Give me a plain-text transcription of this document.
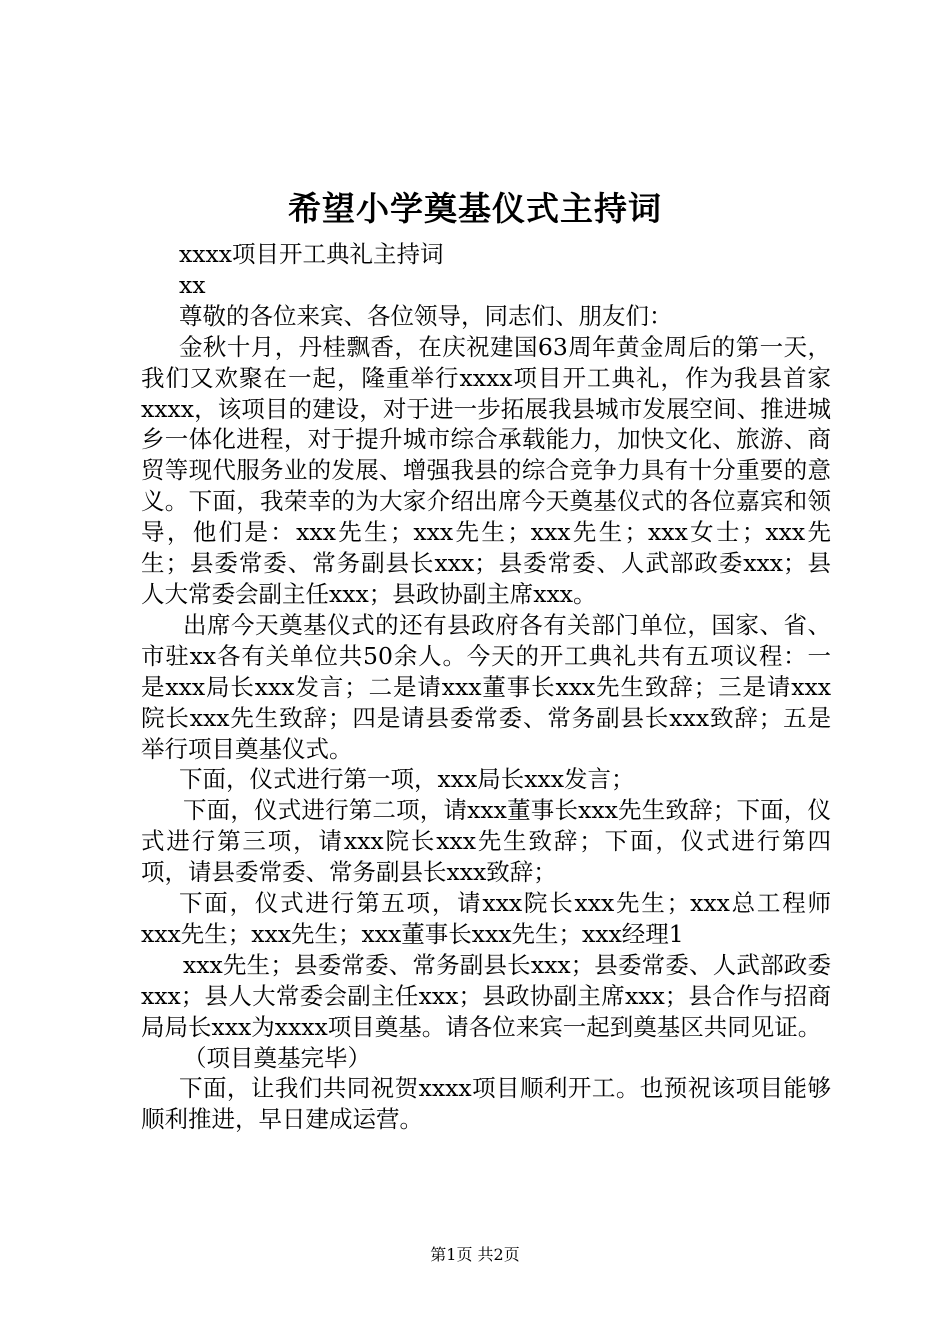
希望小学奠基仪式主持词

xxxx项目开工典礼主持词

xx

尊敬的各位来宾、各位领导，同志们、朋友们：

金秋十月，丹桂飘香，在庆祝建国63周年黄金周后的第一天，我们又欢聚在一起，隆重举行xxxx项目开工典礼，作为我县首家xxxx，该项目的建设，对于进一步拓展我县城市发展空间、推进城乡一体化进程，对于提升城市综合承载能力，加快文化、旅游、商贸等现代服务业的发展、增强我县的综合竞争力具有十分重要的意义。下面，我荣幸的为大家介绍出席今天奠基仪式的各位嘉宾和领导，他们是：xxx先生；xxx先生；xxx先生；xxx女士；xxx先生；县委常委、常务副县长xxx；县委常委、人武部政委xxx；县人大常委会副主任xxx；县政协副主席xxx。

出席今天奠基仪式的还有县政府各有关部门单位，国家、省、市驻xx各有关单位共50余人。今天的开工典礼共有五项议程：一是xxx局长xxx发言；二是请xxx董事长xxx先生致辞；三是请xxx院长xxx先生致辞；四是请县委常委、常务副县长xxx致辞；五是举行项目奠基仪式。

下面，仪式进行第一项，xxx局长xxx发言；

下面，仪式进行第二项，请xxx董事长xxx先生致辞；下面，仪式进行第三项，请xxx院长xxx先生致辞；下面，仪式进行第四项，请县委常委、常务副县长xxx致辞；

下面，仪式进行第五项，请xxx院长xxx先生；xxx总工程师xxx先生；xxx先生；xxx董事长xxx先生；xxx经理1

xxx先生；县委常委、常务副县长xxx；县委常委、人武部政委xxx；县人大常委会副主任xxx；县政协副主席xxx；县合作与招商局局长xxx为xxxx项目奠基。请各位来宾一起到奠基区共同见证。

（项目奠基完毕）

下面，让我们共同祝贺xxxx项目顺利开工。也预祝该项目能够顺利推进，早日建成运营。

第1页 共2页
